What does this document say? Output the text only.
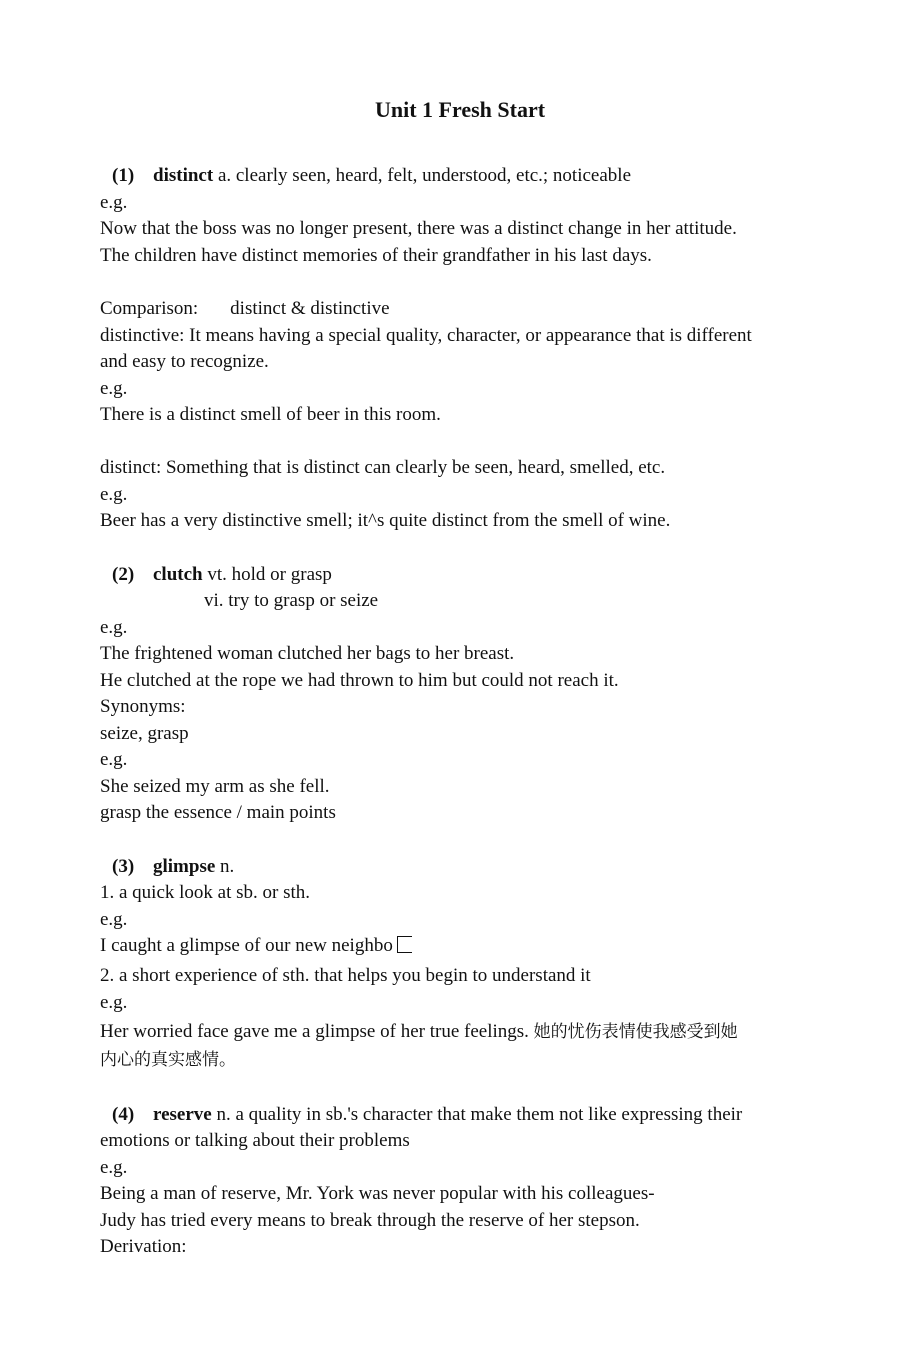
Unit 1 Fresh Start
(1) distinct a. clearly seen, heard, felt, understood, etc.; noticeable
e.g.
Now that the boss was no longer present, there was a distinct change in her attitude.
The children have distinct memories of their grandfather in his last days.
Comparison: distinct & distinctive
distinctive: It means having a special quality, character, or appearance that is different
and easy to recognize.
e.g.
There is a distinct smell of beer in this room.
distinct: Something that is distinct can clearly be seen, heard, smelled, etc.
e.g.
Beer has a very distinctive smell; it^s quite distinct from the smell of wine.
(2) clutch vt. hold or grasp
vi. try to grasp or seize
e.g.
The frightened woman clutched her bags to her breast.
He clutched at the rope we had thrown to him but could not reach it.
Synonyms:
seize, grasp
e.g.
She seized my arm as she fell.
grasp the essence / main points
(3) glimpse n.
1. a quick look at sb. or sth.
e.g.
I caught a glimpse of our new neighbo
2. a short experience of sth. that helps you begin to understand it
e.g.
Her worried face gave me a glimpse of her true feelings. 她的忧伤表情使我感受到她
内心的真实感情。
(4) reserve n. a quality in sb.'s character that make them not like expressing their
emotions or talking about their problems
e.g.
Being a man of reserve, Mr. York was never popular with his colleagues-
Judy has tried every means to break through the reserve of her stepson.
Derivation:
